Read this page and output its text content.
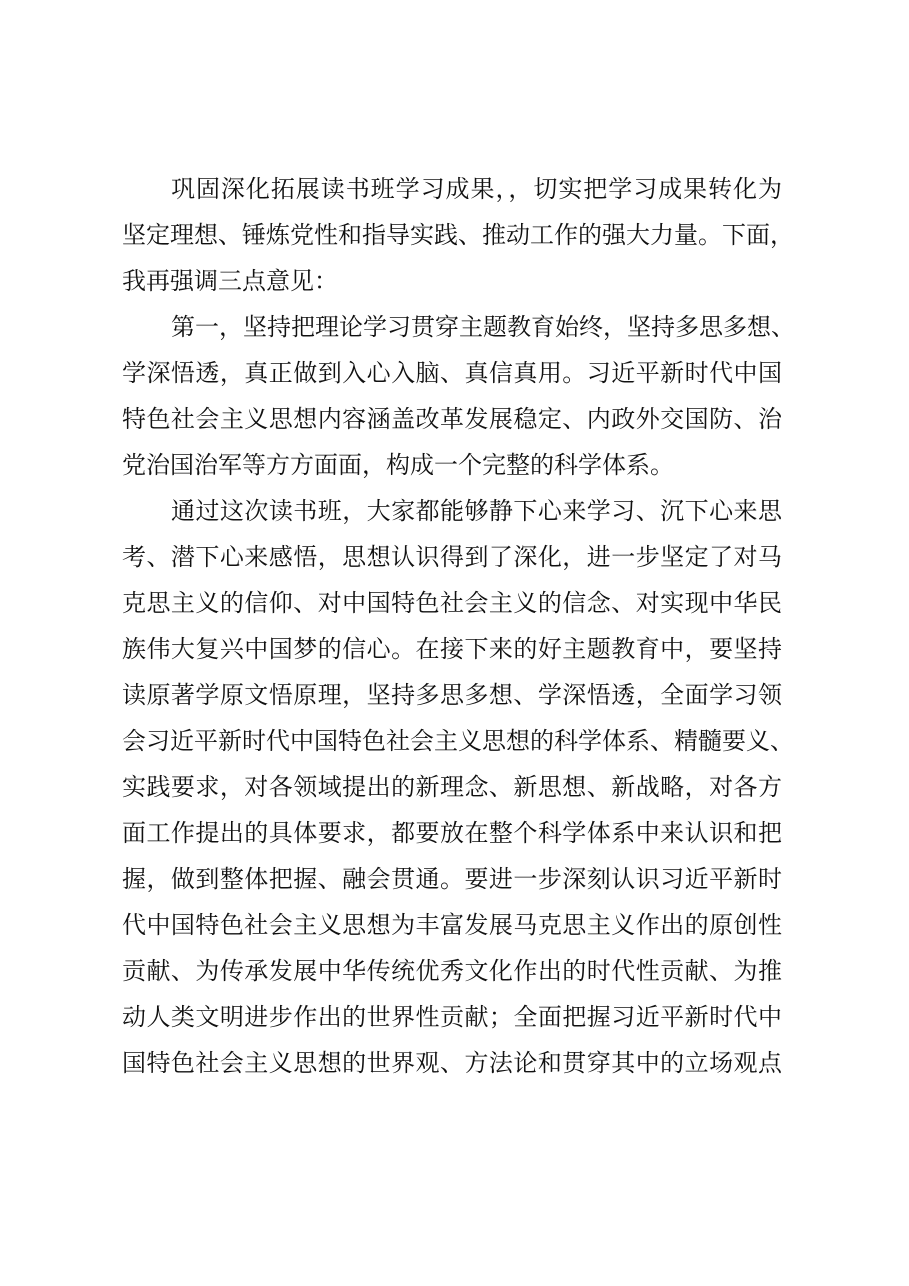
巩固深化拓展读书班学习成果，，切实把学习成果转化为
坚定理想、锤炼党性和指导实践、推动工作的强大力量。下面，
我再强调三点意见：
第一，坚持把理论学习贯穿主题教育始终，坚持多思多想、
学深悟透，真正做到入心入脑、真信真用。习近平新时代中国
特色社会主义思想内容涵盖改革发展稳定、内政外交国防、治
党治国治军等方方面面，构成一个完整的科学体系。
通过这次读书班，大家都能够静下心来学习、沉下心来思
考、潜下心来感悟，思想认识得到了深化，进一步坚定了对马
克思主义的信仰、对中国特色社会主义的信念、对实现中华民
族伟大复兴中国梦的信心。在接下来的好主题教育中，要坚持
读原著学原文悟原理，坚持多思多想、学深悟透，全面学习领
会习近平新时代中国特色社会主义思想的科学体系、精髓要义、
实践要求，对各领域提出的新理念、新思想、新战略，对各方
面工作提出的具体要求，都要放在整个科学体系中来认识和把
握，做到整体把握、融会贯通。要进一步深刻认识习近平新时
代中国特色社会主义思想为丰富发展马克思主义作出的原创性
贡献、为传承发展中华传统优秀文化作出的时代性贡献、为推
动人类文明进步作出的世界性贡献；全面把握习近平新时代中
国特色社会主义思想的世界观、方法论和贯穿其中的立场观点
